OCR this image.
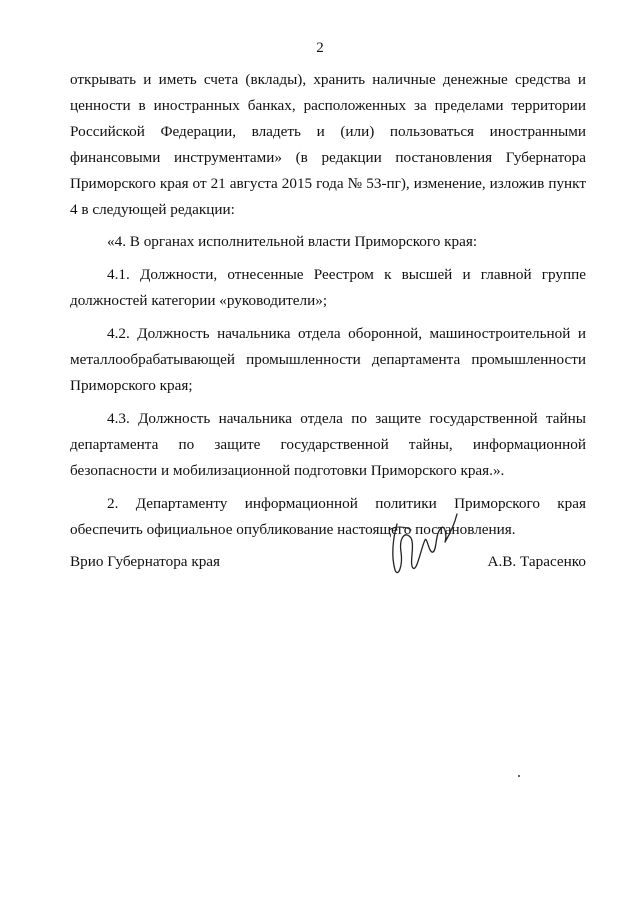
2

открывать и иметь счета (вклады), хранить наличные денежные средства и ценности в иностранных банках, расположенных за пределами территории Российской Федерации, владеть и (или) пользоваться иностранными финансовыми инструментами» (в редакции постановления Губернатора Приморского края от 21 августа 2015 года № 53-пг), изменение, изложив пункт 4 в следующей редакции:

«4. В органах исполнительной власти Приморского края:

4.1. Должности, отнесенные Реестром к высшей и главной группе должностей категории «руководители»;

4.2. Должность начальника отдела оборонной, машиностроительной и металлообрабатывающей промышленности департамента промышленности Приморского края;

4.3. Должность начальника отдела по защите государственной тайны департамента по защите государственной тайны, информационной безопасности и мобилизационной подготовки Приморского края.».

2. Департаменту информационной политики Приморского края обеспечить официальное опубликование настоящего постановления.

Врио Губернатора края	А.В. Тарасенко
